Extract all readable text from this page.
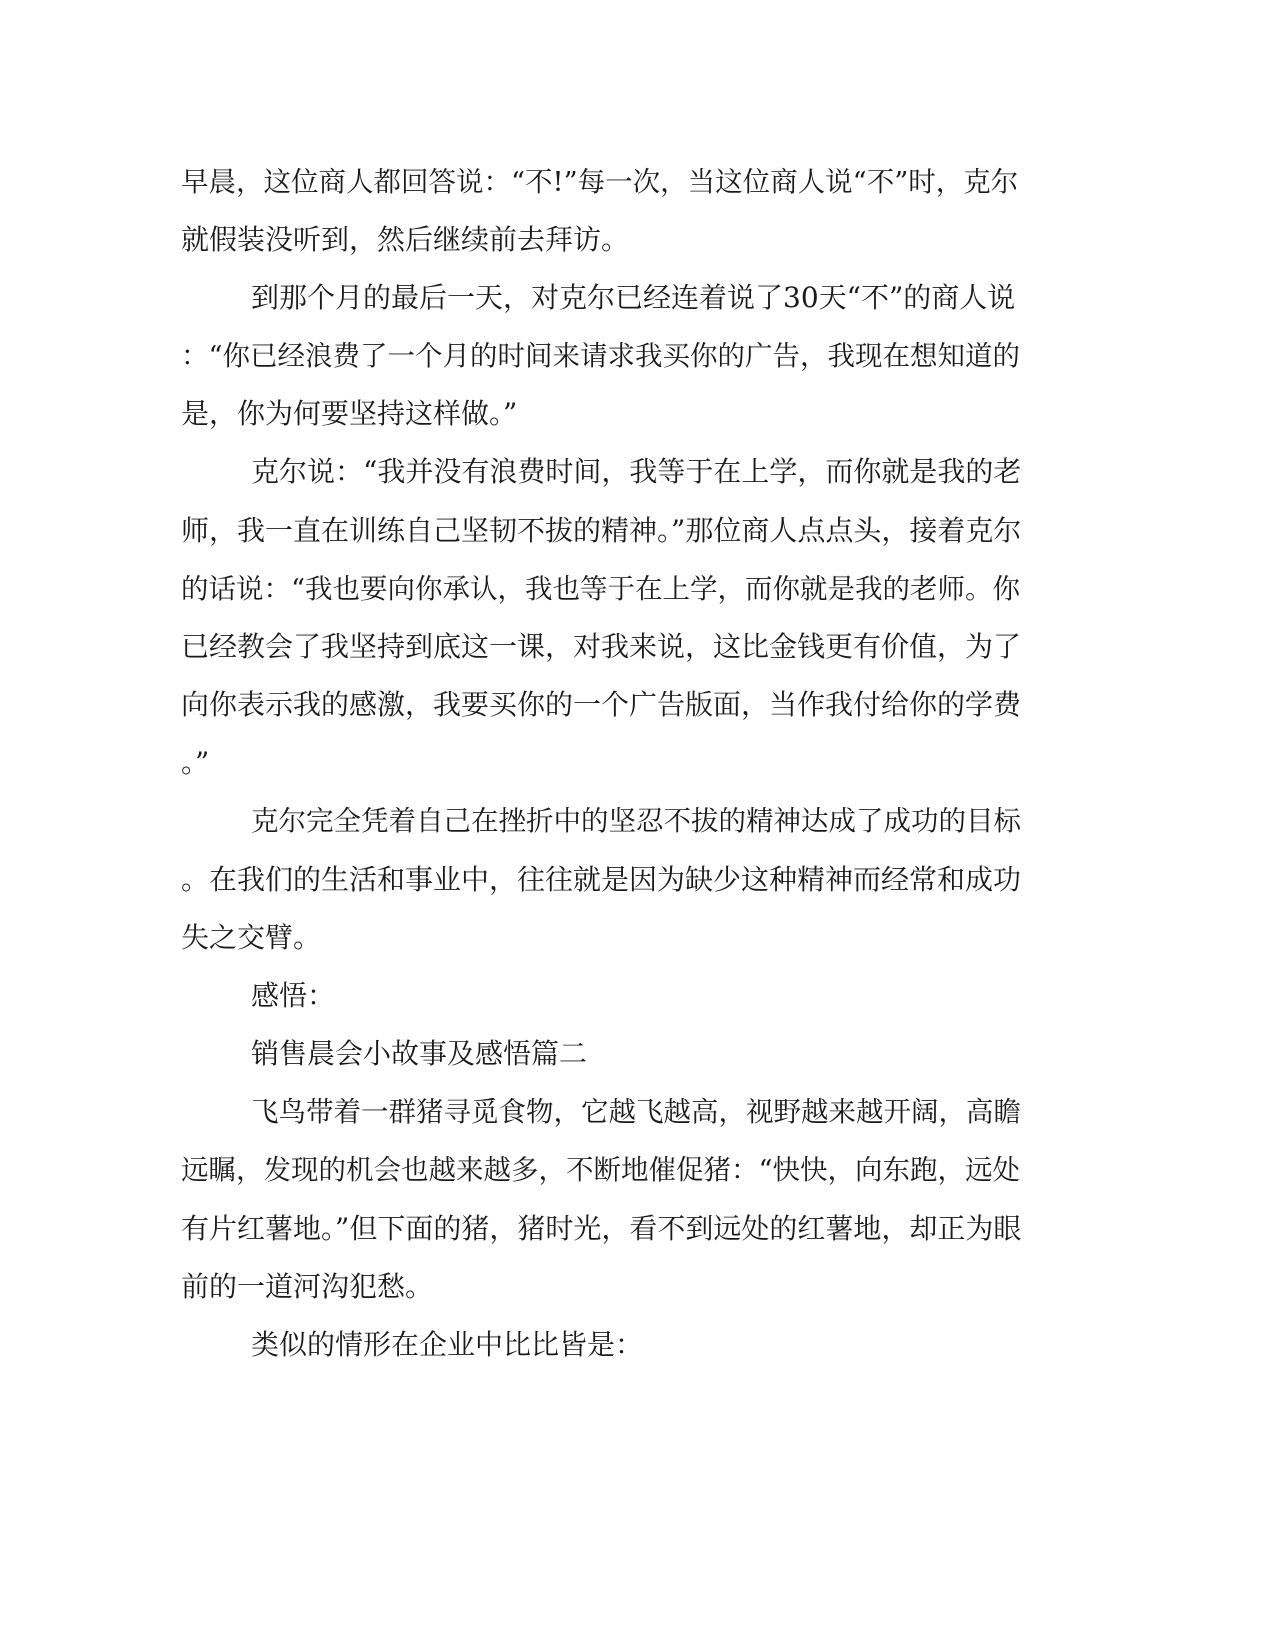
早晨，这位商人都回答说：“不!”每一次，当这位商人说“不”时，克尔
就假装没听到，然后继续前去拜访。
到那个月的最后一天，对克尔已经连着说了30天“不”的商人说
：“你已经浪费了一个月的时间来请求我买你的广告，我现在想知道的
是，你为何要坚持这样做。”
克尔说：“我并没有浪费时间，我等于在上学，而你就是我的老
师，我一直在训练自己坚韧不拔的精神。”那位商人点点头，接着克尔
的话说：“我也要向你承认，我也等于在上学，而你就是我的老师。你
已经教会了我坚持到底这一课，对我来说，这比金钱更有价值，为了
向你表示我的感激，我要买你的一个广告版面，当作我付给你的学费
。”
克尔完全凭着自己在挫折中的坚忍不拔的精神达成了成功的目标
。在我们的生活和事业中，往往就是因为缺少这种精神而经常和成功
失之交臂。
感悟：
销售晨会小故事及感悟篇二
飞鸟带着一群猪寻觅食物，它越飞越高，视野越来越开阔，高瞻
远瞩，发现的机会也越来越多，不断地催促猪：“快快，向东跑，远处
有片红薯地。”但下面的猪，猪时光，看不到远处的红薯地，却正为眼
前的一道河沟犯愁。
类似的情形在企业中比比皆是：
